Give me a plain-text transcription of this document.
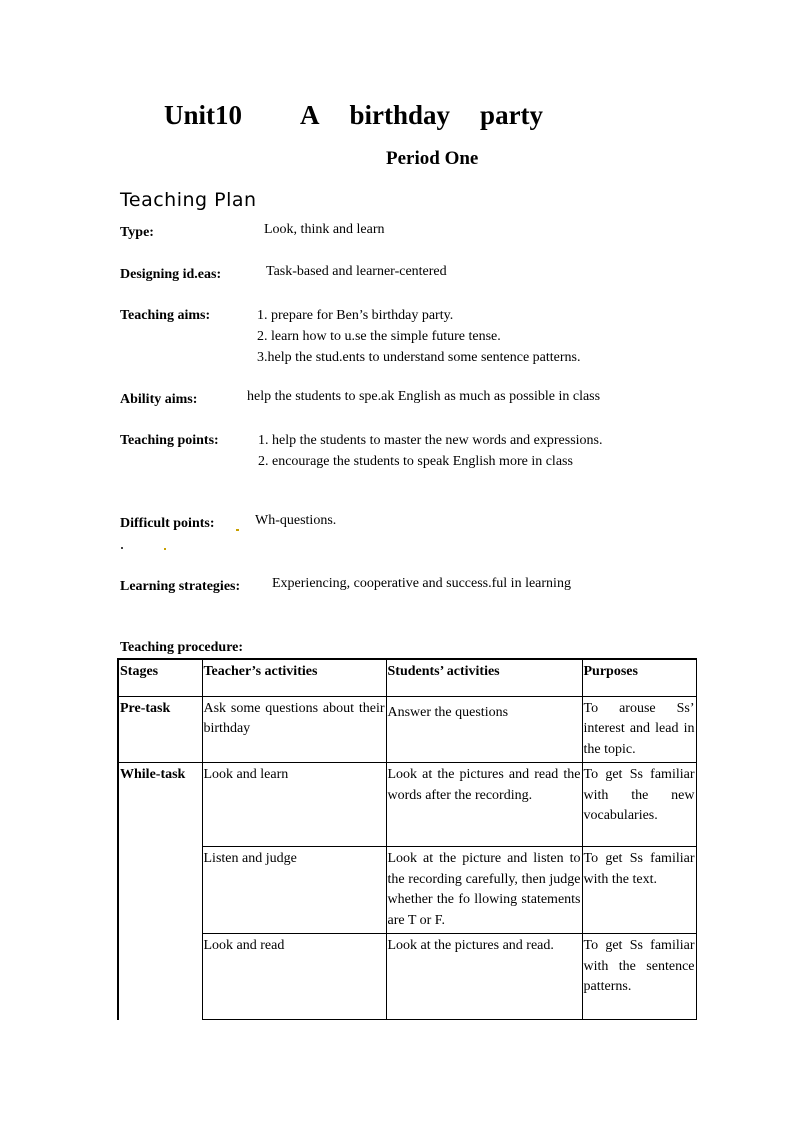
Unit10 A birthday party
Period One
Teaching Plan
Type:	Look, think and learn
Designing id.eas:	Task-based and learner-centered
Teaching aims:	1. prepare for Ben’s birthday party.
2. learn how to u.se the simple future tense.
3.help the stud.ents to understand some sentence patterns.
Ability aims:	help the students to spe.ak English as much as possible in class
Teaching points:	1. help the students to master the new words and expressions.
2. encourage the students to speak English more in class
Difficult points:	Wh-questions.
Learning strategies: Experiencing, cooperative and success.ful in learning
Teaching procedure:
Stages	Teacher’s activities	Students’ activities	Purposes
Pre-task	Ask some questions about their birthday	Answer the questions	To arouse Ss’ interest and lead in the topic.
While-task	Look and learn	Look at the pictures and read the words after the recording.	To get Ss familiar with the new vocabularies.
	Listen and judge	Look at the picture and listen to the recording carefully, then judge whether the fo llowing statements are T or F.	To get Ss familiar with the text.
	Look and read	Look at the pictures and read.	To get Ss familiar with the sentence patterns.
